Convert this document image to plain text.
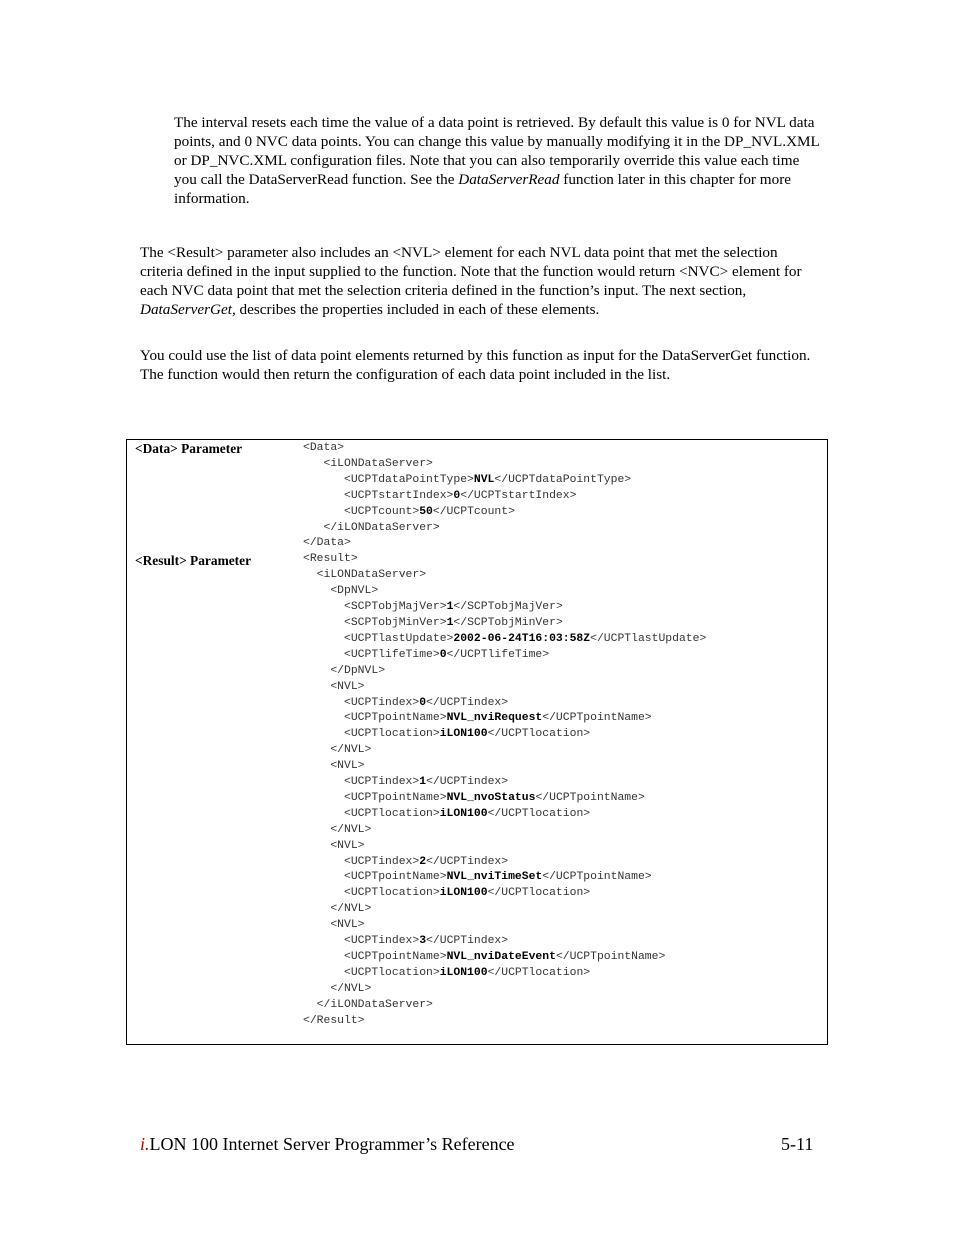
The interval resets each time the value of a data point is retrieved. By default this value is 0 for NVL data points, and 0 NVC data points. You can change this value by manually modifying it in the DP_NVL.XML or DP_NVC.XML configuration files. Note that you can also temporarily override this value each time you call the DataServerRead function. See the DataServerRead function later in this chapter for more information.

The <Result> parameter also includes an <NVL> element for each NVL data point that met the selection criteria defined in the input supplied to the function. Note that the function would return <NVC> element for each NVC data point that met the selection criteria defined in the function’s input. The next section, DataServerGet, describes the properties included in each of these elements.

You could use the list of data point elements returned by this function as input for the DataServerGet function. The function would then return the configuration of each data point included in the list.

<Data> Parameter
<Result> Parameter
<Data>
<iLONDataServer>
<UCPTdataPointType>NVL</UCPTdataPointType>
<UCPTstartIndex>0</UCPTstartIndex>
<UCPTcount>50</UCPTcount>
</iLONDataServer>
</Data>
<Result>
<iLONDataServer>
<DpNVL>
<SCPTobjMajVer>1</SCPTobjMajVer>
<SCPTobjMinVer>1</SCPTobjMinVer>
<UCPTlastUpdate>2002-06-24T16:03:58Z</UCPTlastUpdate>
<UCPTlifeTime>0</UCPTlifeTime>
</DpNVL>
<NVL>
<UCPTindex>0</UCPTindex>
<UCPTpointName>NVL_nviRequest</UCPTpointName>
<UCPTlocation>iLON100</UCPTlocation>
</NVL>
<NVL>
<UCPTindex>1</UCPTindex>
<UCPTpointName>NVL_nvoStatus</UCPTpointName>
<UCPTlocation>iLON100</UCPTlocation>
</NVL>
<NVL>
<UCPTindex>2</UCPTindex>
<UCPTpointName>NVL_nviTimeSet</UCPTpointName>
<UCPTlocation>iLON100</UCPTlocation>
</NVL>
<NVL>
<UCPTindex>3</UCPTindex>
<UCPTpointName>NVL_nviDateEvent</UCPTpointName>
<UCPTlocation>iLON100</UCPTlocation>
</NVL>
</iLONDataServer>
</Result>
i.LON 100 Internet Server Programmer’s Reference	5-11
